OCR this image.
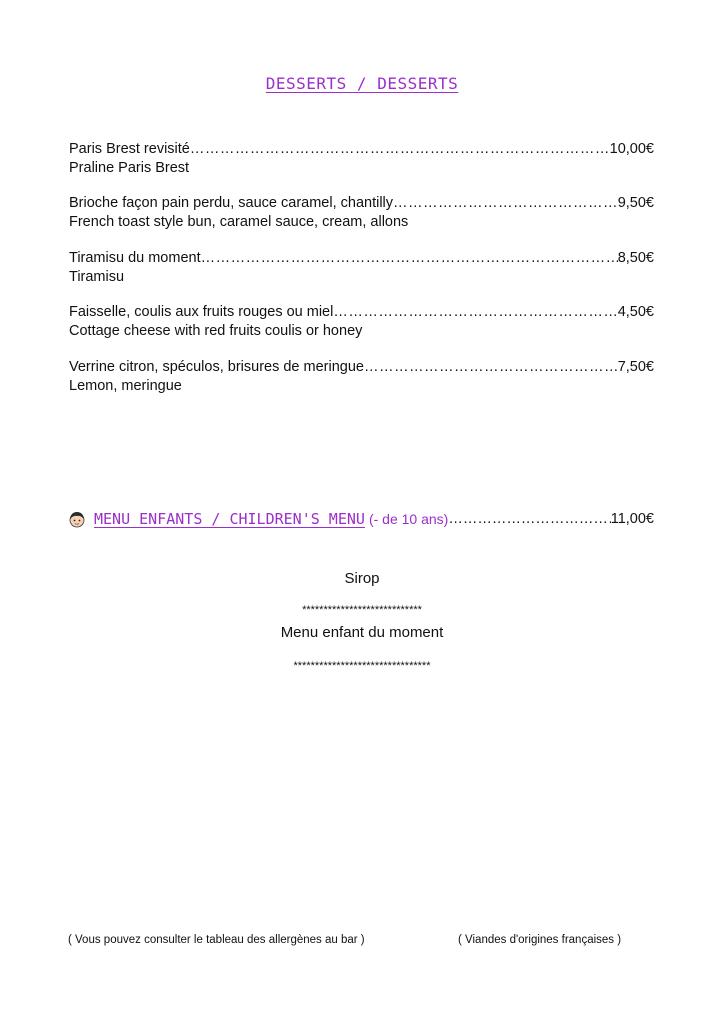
DESSERTS / DESSERTS
Paris Brest revisité ……………………………………………………………………………………………………………………………………………	10,00€
Praline Paris Brest
Brioche façon pain perdu, sauce caramel, chantilly ……………………………………………………………………………………………………………………………………………	9,50€
French toast style bun, caramel sauce, cream, allons
Tiramisu du moment ……………………………………………………………………………………………………………………………………………	8,50€
Tiramisu
Faisselle, coulis aux fruits rouges ou miel ……………………………………………………………………………………………………………………………………………	4,50€
Cottage cheese with red fruits coulis or honey
Verrine citron, spéculos, brisures de meringue ……………………………………………………………………………………………………………………………………………	7,50€
Lemon, meringue
MENU ENFANTS / CHILDREN'S MENU (- de 10 ans) ……………………………………………………………………	11,00€
Sirop
****************************
Menu enfant du moment
********************************
( Vous pouvez consulter le tableau des allergènes au bar )	( Viandes d'origines françaises )
